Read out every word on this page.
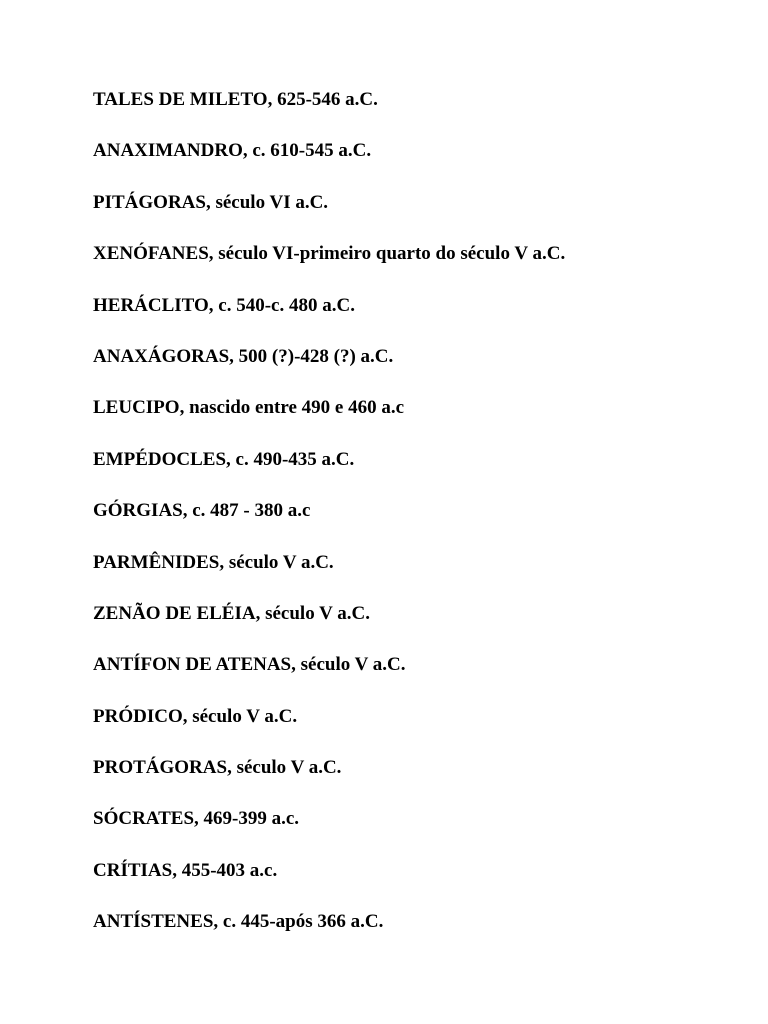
TALES DE MILETO, 625-546 a.C.
ANAXIMANDRO, c. 610-545 a.C.
PITÁGORAS, século VI a.C.
XENÓFANES, século VI-primeiro quarto do século V a.C.
HERÁCLITO, c. 540-c. 480 a.C.
ANAXÁGORAS, 500 (?)-428 (?) a.C.
LEUCIPO, nascido entre 490 e 460 a.c
EMPÉDOCLES, c. 490-435 a.C.
GÓRGIAS, c. 487 - 380 a.c
PARMÊNIDES, século V a.C.
ZENÃO DE ELÉIA, século V a.C.
ANTÍFON DE ATENAS, século V a.C.
PRÓDICO, século V a.C.
PROTÁGORAS, século V a.C.
SÓCRATES, 469-399 a.c.
CRÍTIAS, 455-403 a.c.
ANTÍSTENES, c. 445-após 366 a.C.
